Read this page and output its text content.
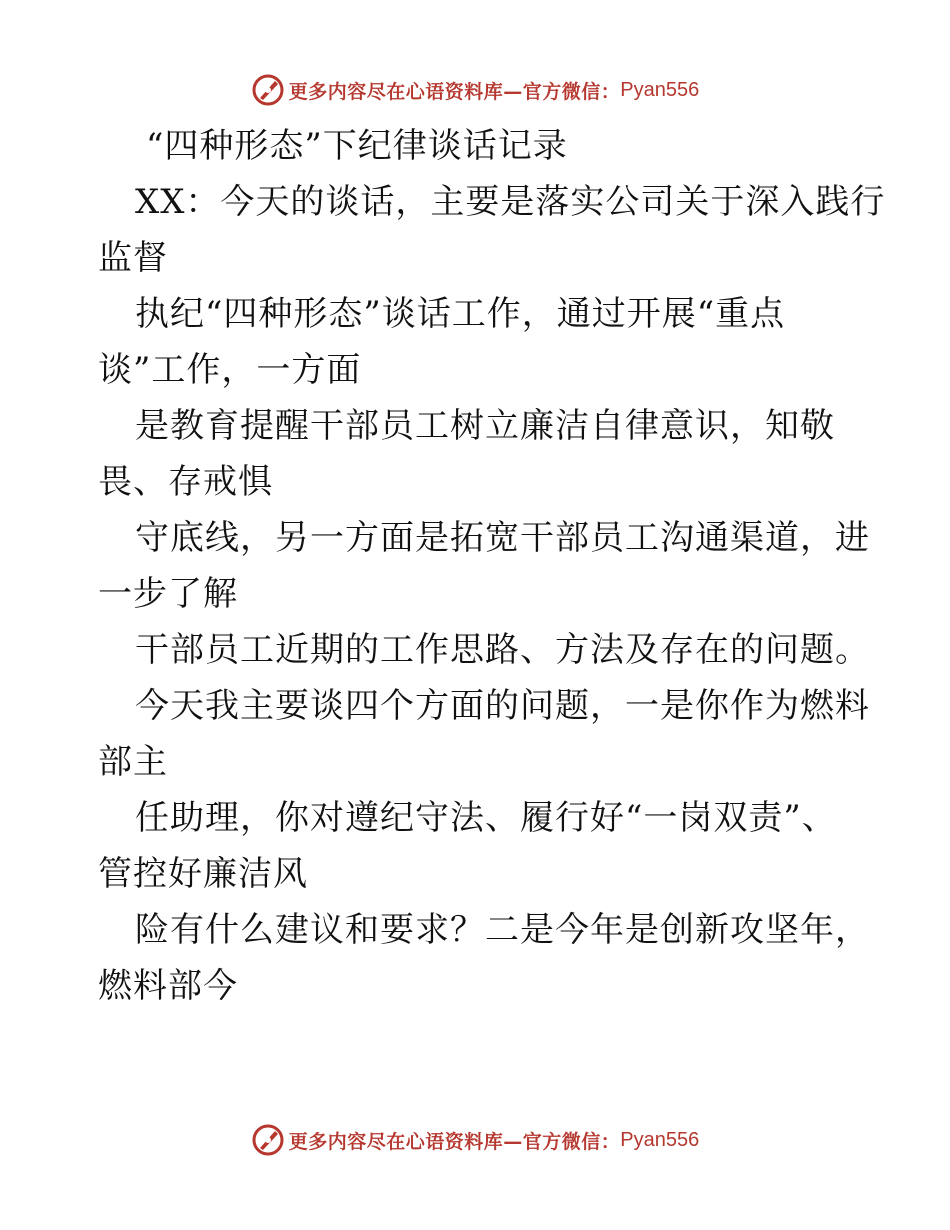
更多内容尽在心语资料库—官方微信： Pyan556
“四种形态”下纪律谈话记录
XX：今天的谈话，主要是落实公司关于深入践行
监督
执纪“四种形态”谈话工作，通过开展“重点
谈”工作，一方面
是教育提醒干部员工树立廉洁自律意识，知敬
畏、存戒惧
守底线，另一方面是拓宽干部员工沟通渠道，进
一步了解
干部员工近期的工作思路、方法及存在的问题。
今天我主要谈四个方面的问题，一是你作为燃料
部主
任助理，你对遵纪守法、履行好“一岗双责”、
管控好廉洁风
险有什么建议和要求？二是今年是创新攻坚年，
燃料部今
更多内容尽在心语资料库—官方微信： Pyan556
